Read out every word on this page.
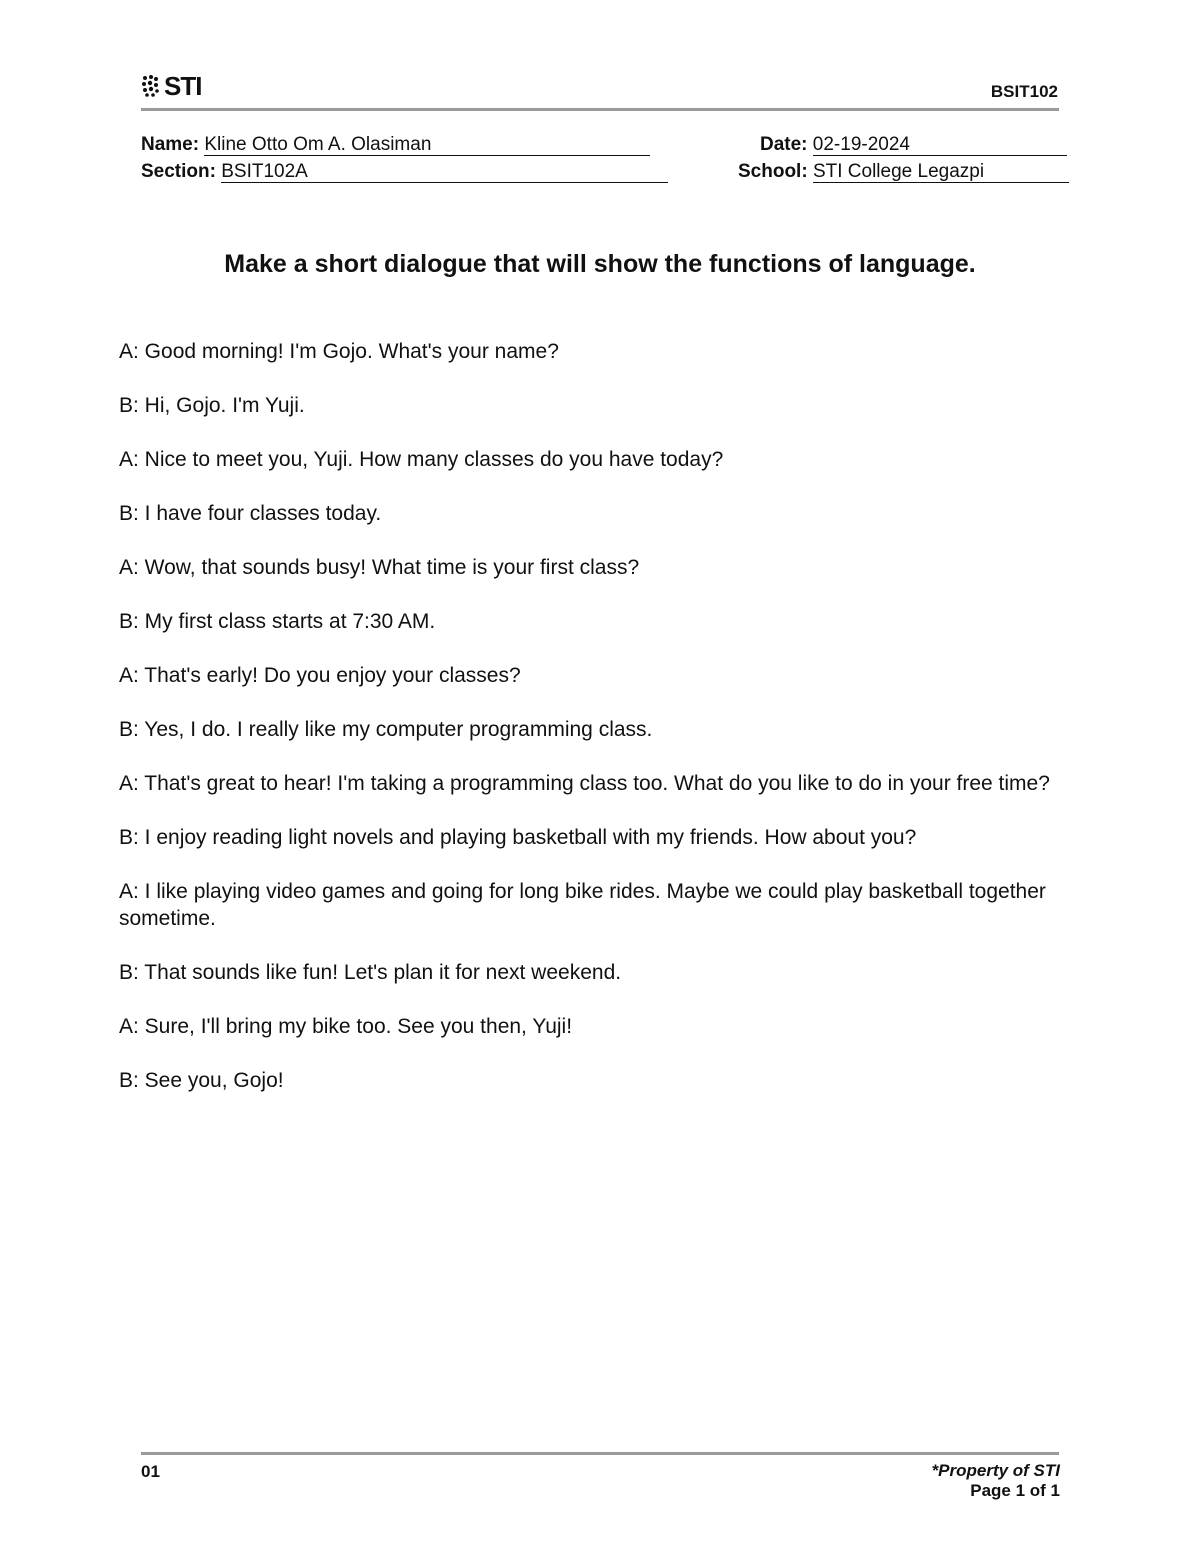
STI	BSIT102
Name: Kline Otto Om A. Olasiman	Date: 02-19-2024
Section: BSIT102A	School: STI College Legazpi
Make a short dialogue that will show the functions of language.
A: Good morning! I'm Gojo. What's your name?
B: Hi, Gojo. I'm Yuji.
A: Nice to meet you, Yuji. How many classes do you have today?
B: I have four classes today.
A: Wow, that sounds busy! What time is your first class?
B: My first class starts at 7:30 AM.
A: That's early! Do you enjoy your classes?
B: Yes, I do. I really like my computer programming class.
A: That's great to hear! I'm taking a programming class too. What do you like to do in your free time?
B: I enjoy reading light novels and playing basketball with my friends. How about you?
A: I like playing video games and going for long bike rides. Maybe we could play basketball together sometime.
B: That sounds like fun! Let's plan it for next weekend.
A: Sure, I'll bring my bike too. See you then, Yuji!
B: See you, Gojo!
01	*Property of STI
Page 1 of 1
